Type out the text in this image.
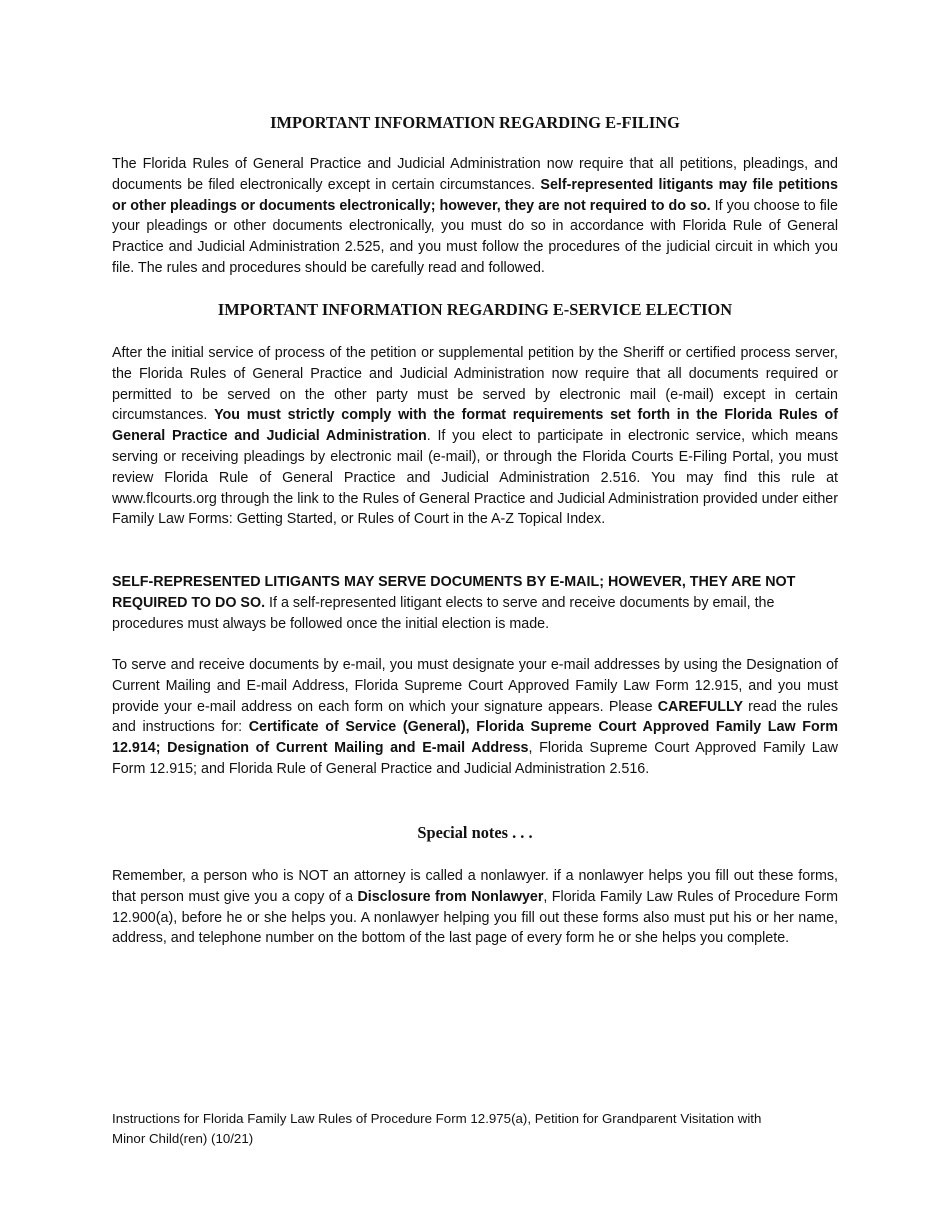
IMPORTANT INFORMATION REGARDING E-FILING

The Florida Rules of General Practice and Judicial Administration now require that all petitions, pleadings, and documents be filed electronically except in certain circumstances. Self-represented litigants may file petitions or other pleadings or documents electronically; however, they are not required to do so. If you choose to file your pleadings or other documents electronically, you must do so in accordance with Florida Rule of General Practice and Judicial Administration 2.525, and you must follow the procedures of the judicial circuit in which you file. The rules and procedures should be carefully read and followed.

IMPORTANT INFORMATION REGARDING E-SERVICE ELECTION

After the initial service of process of the petition or supplemental petition by the Sheriff or certified process server, the Florida Rules of General Practice and Judicial Administration now require that all documents required or permitted to be served on the other party must be served by electronic mail (e-mail) except in certain circumstances. You must strictly comply with the format requirements set forth in the Florida Rules of General Practice and Judicial Administration. If you elect to participate in electronic service, which means serving or receiving pleadings by electronic mail (e-mail), or through the Florida Courts E-Filing Portal, you must review Florida Rule of General Practice and Judicial Administration 2.516. You may find this rule at www.flcourts.org through the link to the Rules of General Practice and Judicial Administration provided under either Family Law Forms: Getting Started, or Rules of Court in the A-Z Topical Index.

SELF-REPRESENTED LITIGANTS MAY SERVE DOCUMENTS BY E-MAIL; HOWEVER, THEY ARE NOT REQUIRED TO DO SO. If a self-represented litigant elects to serve and receive documents by email, the procedures must always be followed once the initial election is made.

To serve and receive documents by e-mail, you must designate your e-mail addresses by using the Designation of Current Mailing and E-mail Address, Florida Supreme Court Approved Family Law Form 12.915, and you must provide your e-mail address on each form on which your signature appears. Please CAREFULLY read the rules and instructions for: Certificate of Service (General), Florida Supreme Court Approved Family Law Form 12.914; Designation of Current Mailing and E-mail Address, Florida Supreme Court Approved Family Law Form 12.915; and Florida Rule of General Practice and Judicial Administration 2.516.

Special notes . . .

Remember, a person who is NOT an attorney is called a nonlawyer. if a nonlawyer helps you fill out these forms, that person must give you a copy of a Disclosure from Nonlawyer, Florida Family Law Rules of Procedure Form 12.900(a), before he or she helps you. A nonlawyer helping you fill out these forms also must put his or her name, address, and telephone number on the bottom of the last page of every form he or she helps you complete.

Instructions for Florida Family Law Rules of Procedure Form 12.975(a), Petition for Grandparent Visitation with
Minor Child(ren) (10/21)
